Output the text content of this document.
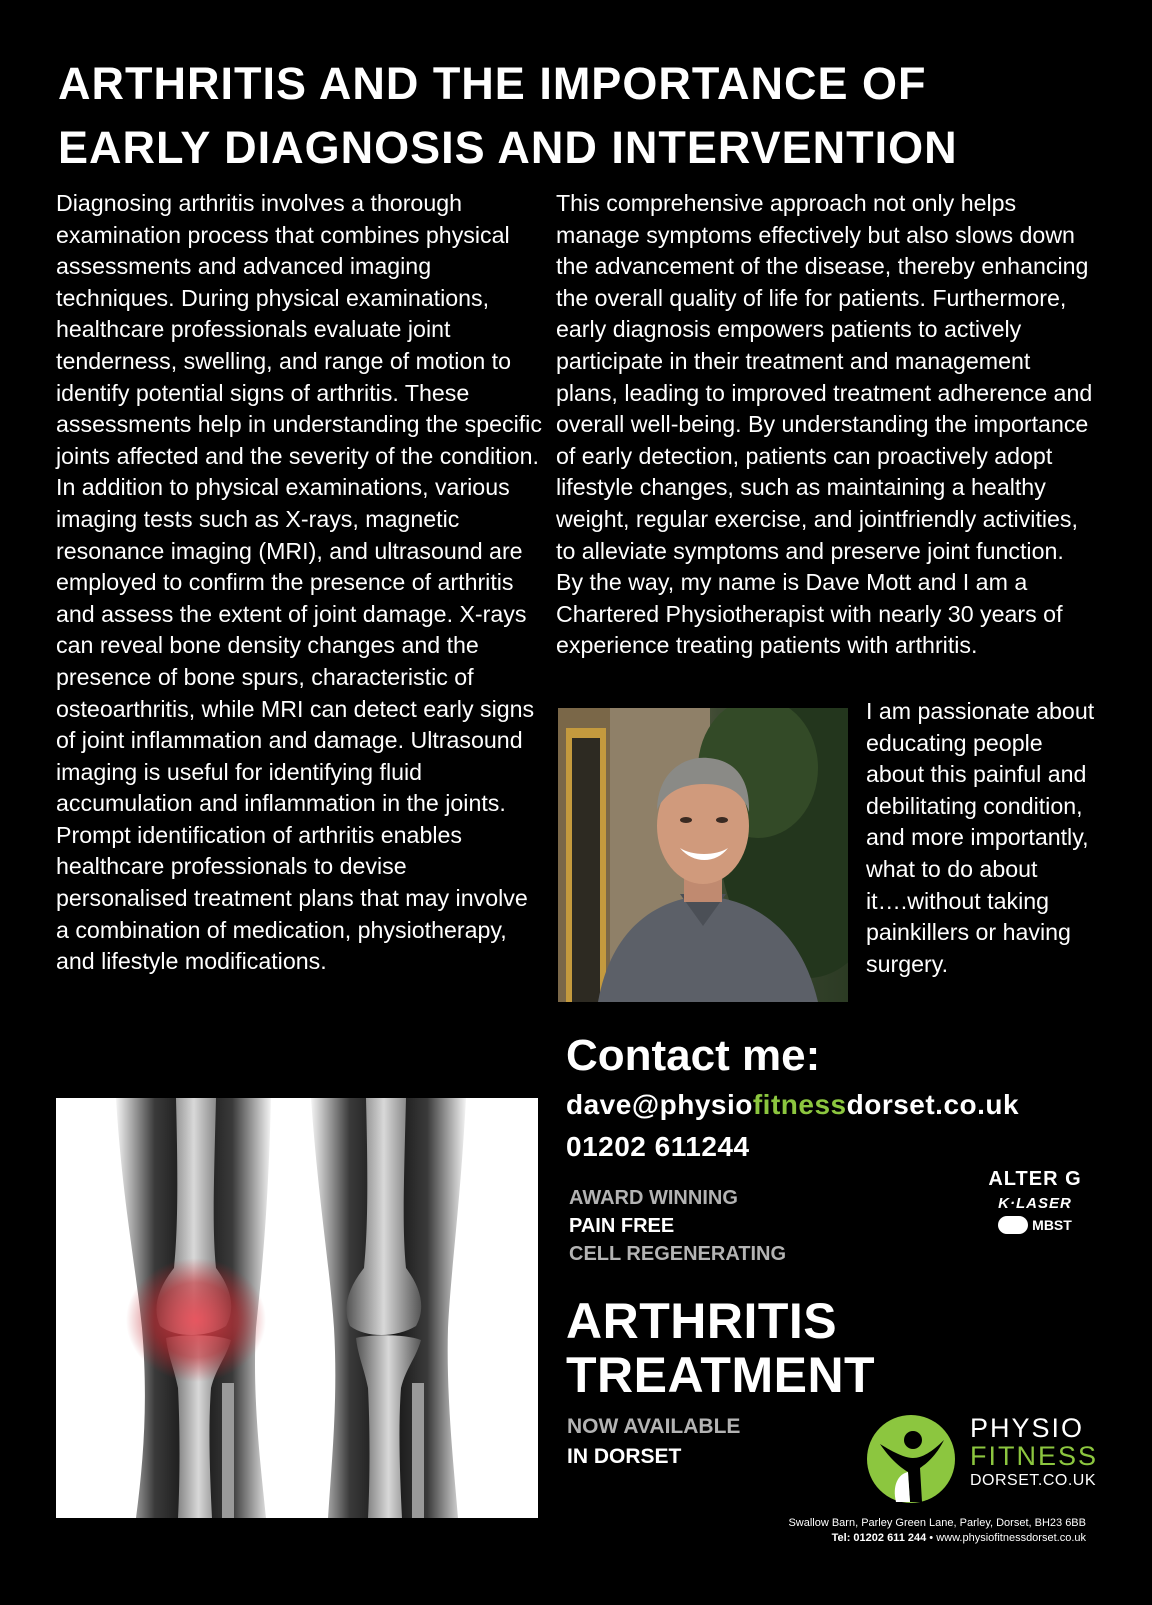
ARTHRITIS AND THE IMPORTANCE OF
EARLY DIAGNOSIS AND INTERVENTION

Diagnosing arthritis involves a thorough examination process that combines physical assessments and advanced imaging techniques. During physical examinations, healthcare professionals evaluate joint tenderness, swelling, and range of motion to identify potential signs of arthritis. These assessments help in understanding the specific joints affected and the severity of the condition. In addition to physical examinations, various imaging tests such as X-rays, magnetic resonance imaging (MRI), and ultrasound are employed to confirm the presence of arthritis and assess the extent of joint damage. X-rays can reveal bone density changes and the presence of bone spurs, characteristic of osteoarthritis, while MRI can detect early signs of joint inflammation and damage. Ultrasound imaging is useful for identifying fluid accumulation and inflammation in the joints. Prompt identification of arthritis enables healthcare professionals to devise personalised treatment plans that may involve a combination of medication, physiotherapy, and lifestyle modifications.

This comprehensive approach not only helps manage symptoms effectively but also slows down the advancement of the disease, thereby enhancing the overall quality of life for patients. Furthermore, early diagnosis empowers patients to actively participate in their treatment and management plans, leading to improved treatment adherence and overall well-being. By understanding the importance of early detection, patients can proactively adopt lifestyle changes, such as maintaining a healthy weight, regular exercise, and jointfriendly activities, to alleviate symptoms and preserve joint function.

By the way, my name is Dave Mott and I am a Chartered Physiotherapist with nearly 30 years of experience treating patients with arthritis.

I am passionate about educating people about this painful and debilitating condition, and more importantly, what to do about it….without taking painkillers or having surgery.

Contact me:

dave@physiofitnessdorset.co.uk

01202 611244

AWARD WINNING
PAIN FREE
CELL REGENERATING

ALTER G
K·LASER
MBST
ARTHRITIS
TREATMENT

NOW AVAILABLE
IN DORSET

PHYSIO
FITNESS
DORSET.CO.UK

Swallow Barn, Parley Green Lane, Parley, Dorset, BH23 6BB
Tel: 01202 611 244 • www.physiofitnessdorset.co.uk
